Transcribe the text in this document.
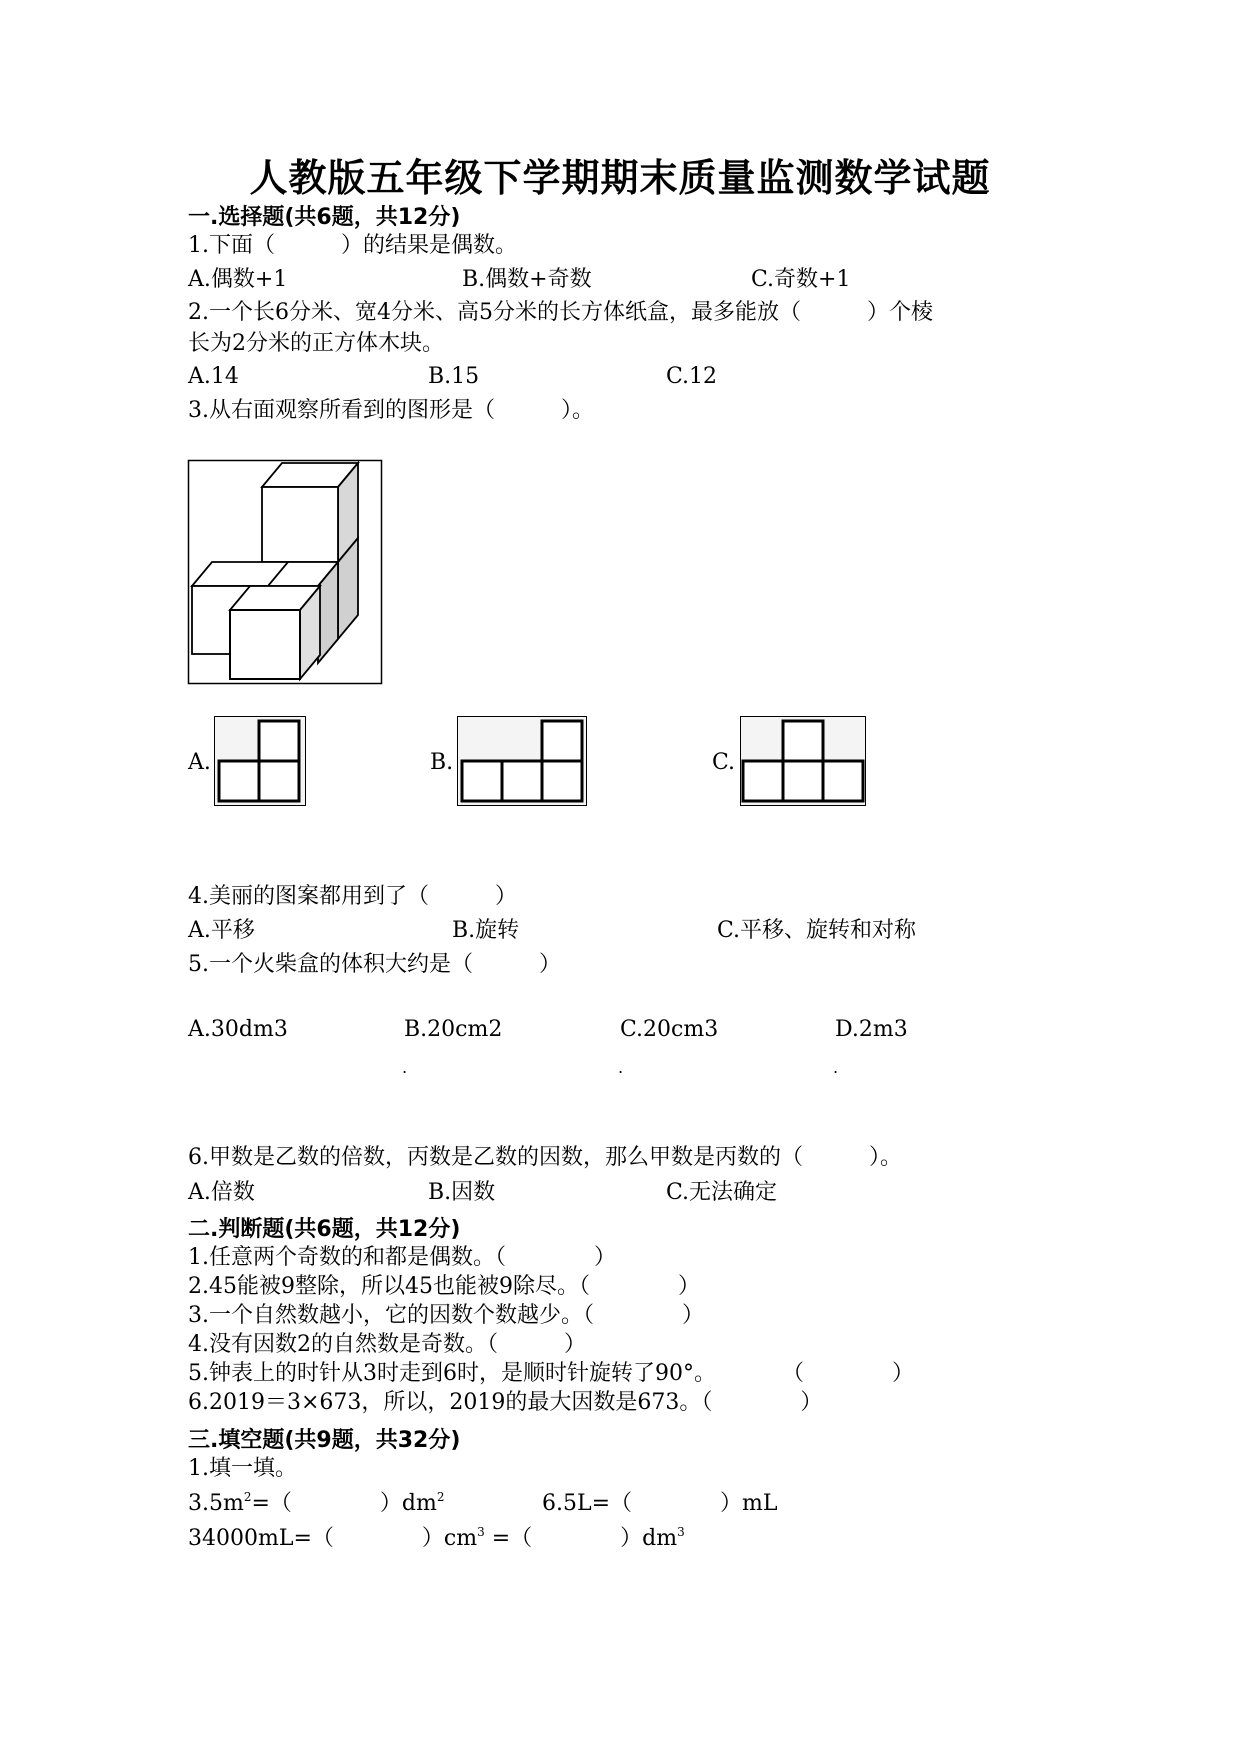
人教版五年级下学期期末质量监测数学试题
一.选择题(共6题，共12分)
1.下面（　　　）的结果是偶数。
A.偶数+1	B.偶数+奇数	C.奇数+1
2.一个长6分米、宽4分米、高5分米的长方体纸盒，最多能放（　　　）个棱
长为2分米的正方体木块。
A.14	B.15	C.12
3.从右面观察所看到的图形是（　　　）。
A.	B.	C.
4.美丽的图案都用到了（　　　）
A.平移	B.旋转	C.平移、旋转和对称
5.一个火柴盒的体积大约是（　　　）
A.30dm3	B.20cm2	C.20cm3	D.2m3
.	.	.
6.甲数是乙数的倍数，丙数是乙数的因数，那么甲数是丙数的（　　　）。
A.倍数	B.因数	C.无法确定
二.判断题(共6题，共12分)
1.任意两个奇数的和都是偶数。（　　　　）
2.45能被9整除，所以45也能被9除尽。（　　　　）
3.一个自然数越小，它的因数个数越少。（　　　　）
4.没有因数2的自然数是奇数。（　　　）
5.钟表上的时针从3时走到6时，是顺时针旋转了90°。　　　　（　　　　）
6.2019＝3×673，所以，2019的最大因数是673。（　　　　）
三.填空题(共9题，共32分)
1.填一填。
$3.5m^2=$（　　　　）$dm^2$	6.5L=（　　　　）mL
34000mL=（　　　　）$cm^3$ =（　　　　）$dm^3$
